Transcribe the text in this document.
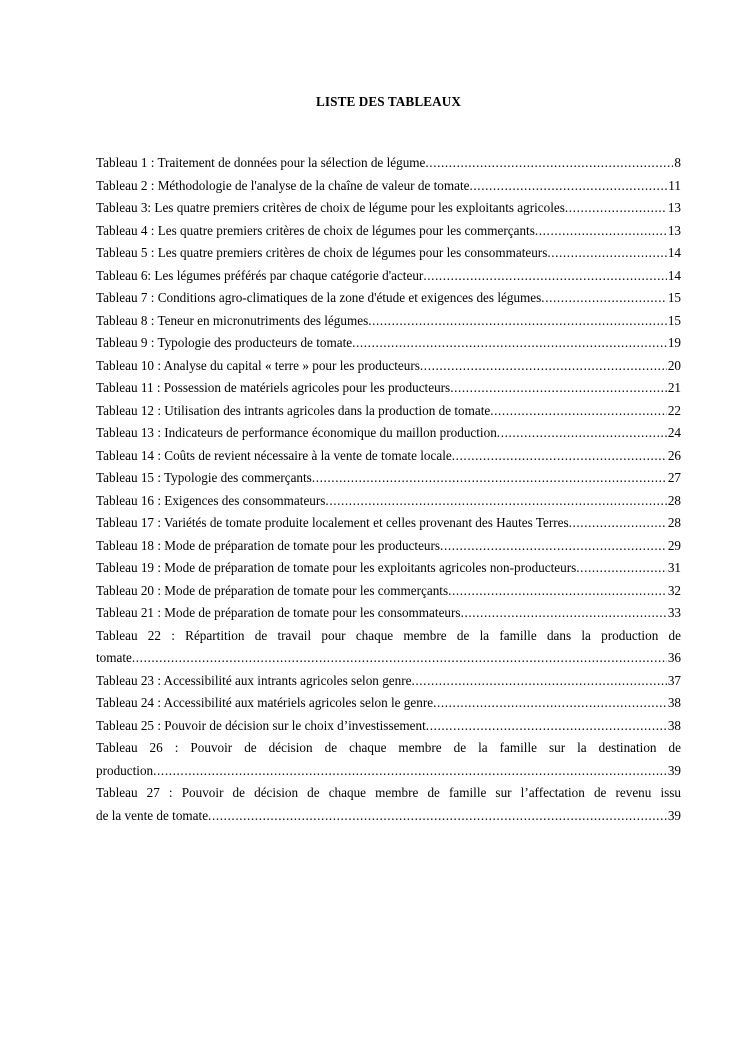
LISTE DES TABLEAUX
Tableau 1 : Traitement de données pour la sélection de légume .....	8
Tableau 2 : Méthodologie de l'analyse de la chaîne de valeur de tomate .....	11
Tableau 3: Les quatre premiers critères de choix de légume pour les exploitants agricoles .....	13
Tableau 4 : Les quatre premiers critères de choix de légumes pour les commerçants .....	13
Tableau 5 : Les quatre premiers critères de choix de légumes pour les consommateurs .....	14
Tableau 6: Les légumes préférés par chaque catégorie d'acteur .....	14
Tableau 7 : Conditions agro-climatiques de la zone d'étude et exigences des légumes .....	15
Tableau 8 : Teneur en micronutriments des légumes .....	15
Tableau 9 : Typologie des producteurs de tomate .....	19
Tableau 10 : Analyse du capital « terre » pour les producteurs .....	20
Tableau 11 : Possession de matériels agricoles pour les producteurs .....	21
Tableau 12 : Utilisation des intrants agricoles dans la production de tomate .....	22
Tableau 13 : Indicateurs de performance économique du maillon production .....	24
Tableau 14 : Coûts de revient nécessaire à la vente de tomate locale .....	26
Tableau 15 : Typologie des commerçants .....	27
Tableau 16 : Exigences des consommateurs .....	28
Tableau 17 : Variétés de tomate produite localement et celles provenant des Hautes Terres .....	28
Tableau 18 : Mode de préparation de tomate pour les producteurs .....	29
Tableau 19 : Mode de préparation de tomate pour les exploitants agricoles non-producteurs .....	31
Tableau 20 : Mode de préparation de tomate pour les commerçants .....	32
Tableau 21 : Mode de préparation de tomate pour les consommateurs .....	33
Tableau 22 : Répartition de travail pour chaque membre de la famille dans la production de
tomate .....	36
Tableau 23 : Accessibilité aux intrants agricoles selon genre .....	37
Tableau 24 : Accessibilité aux matériels agricoles selon le genre .....	38
Tableau 25 : Pouvoir de décision sur le choix d’investissement .....	38
Tableau 26 : Pouvoir de décision de chaque membre de la famille sur la destination de
production .....	39
Tableau 27 : Pouvoir de décision de chaque membre de famille sur l’affectation de revenu issu
de la vente de tomate .....	39
